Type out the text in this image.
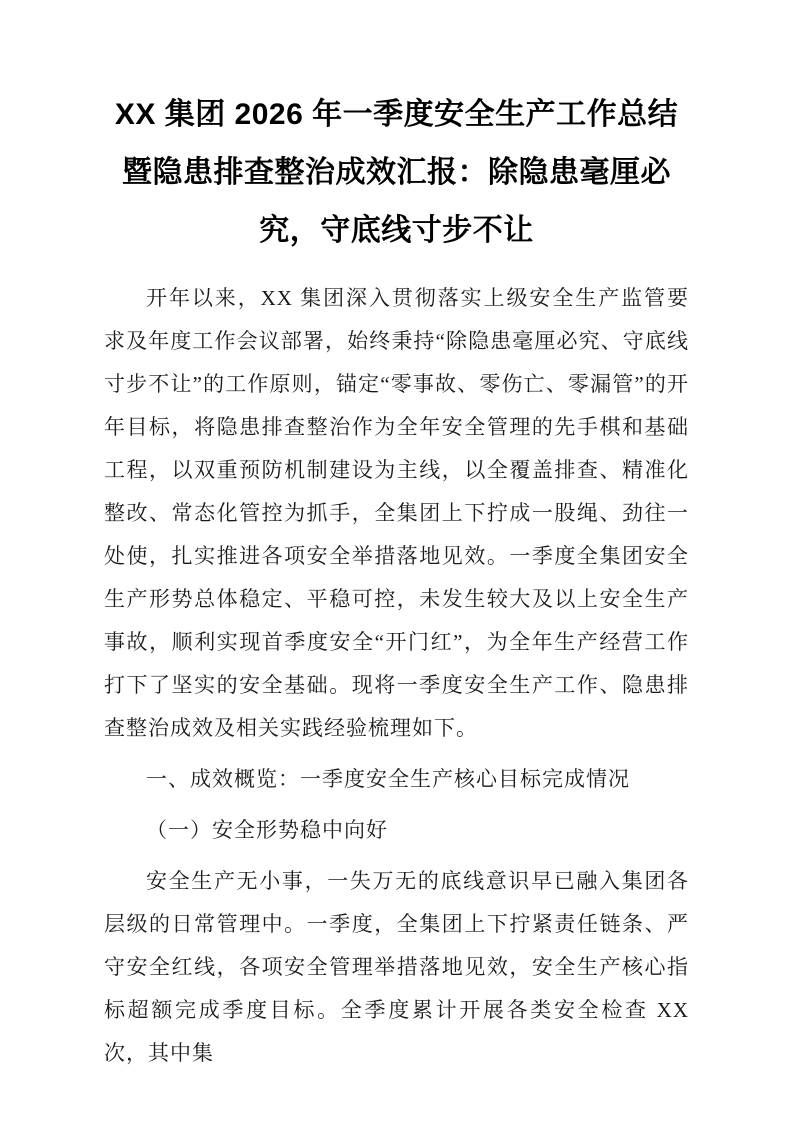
XX 集团 2026 年一季度安全生产工作总结暨隐患排查整治成效汇报：除隐患毫厘必究，守底线寸步不让

开年以来，XX 集团深入贯彻落实上级安全生产监管要求及年度工作会议部署，始终秉持“除隐患毫厘必究、守底线寸步不让”的工作原则，锚定“零事故、零伤亡、零漏管”的开年目标，将隐患排查整治作为全年安全管理的先手棋和基础工程，以双重预防机制建设为主线，以全覆盖排查、精准化整改、常态化管控为抓手，全集团上下拧成一股绳、劲往一处使，扎实推进各项安全举措落地见效。一季度全集团安全生产形势总体稳定、平稳可控，未发生较大及以上安全生产事故，顺利实现首季度安全“开门红”，为全年生产经营工作打下了坚实的安全基础。现将一季度安全生产工作、隐患排查整治成效及相关实践经验梳理如下。

一、成效概览：一季度安全生产核心目标完成情况

（一）安全形势稳中向好

安全生产无小事，一失万无的底线意识早已融入集团各层级的日常管理中。一季度，全集团上下拧紧责任链条、严守安全红线，各项安全管理举措落地见效，安全生产核心指标超额完成季度目标。全季度累计开展各类安全检查 XX 次，其中集
